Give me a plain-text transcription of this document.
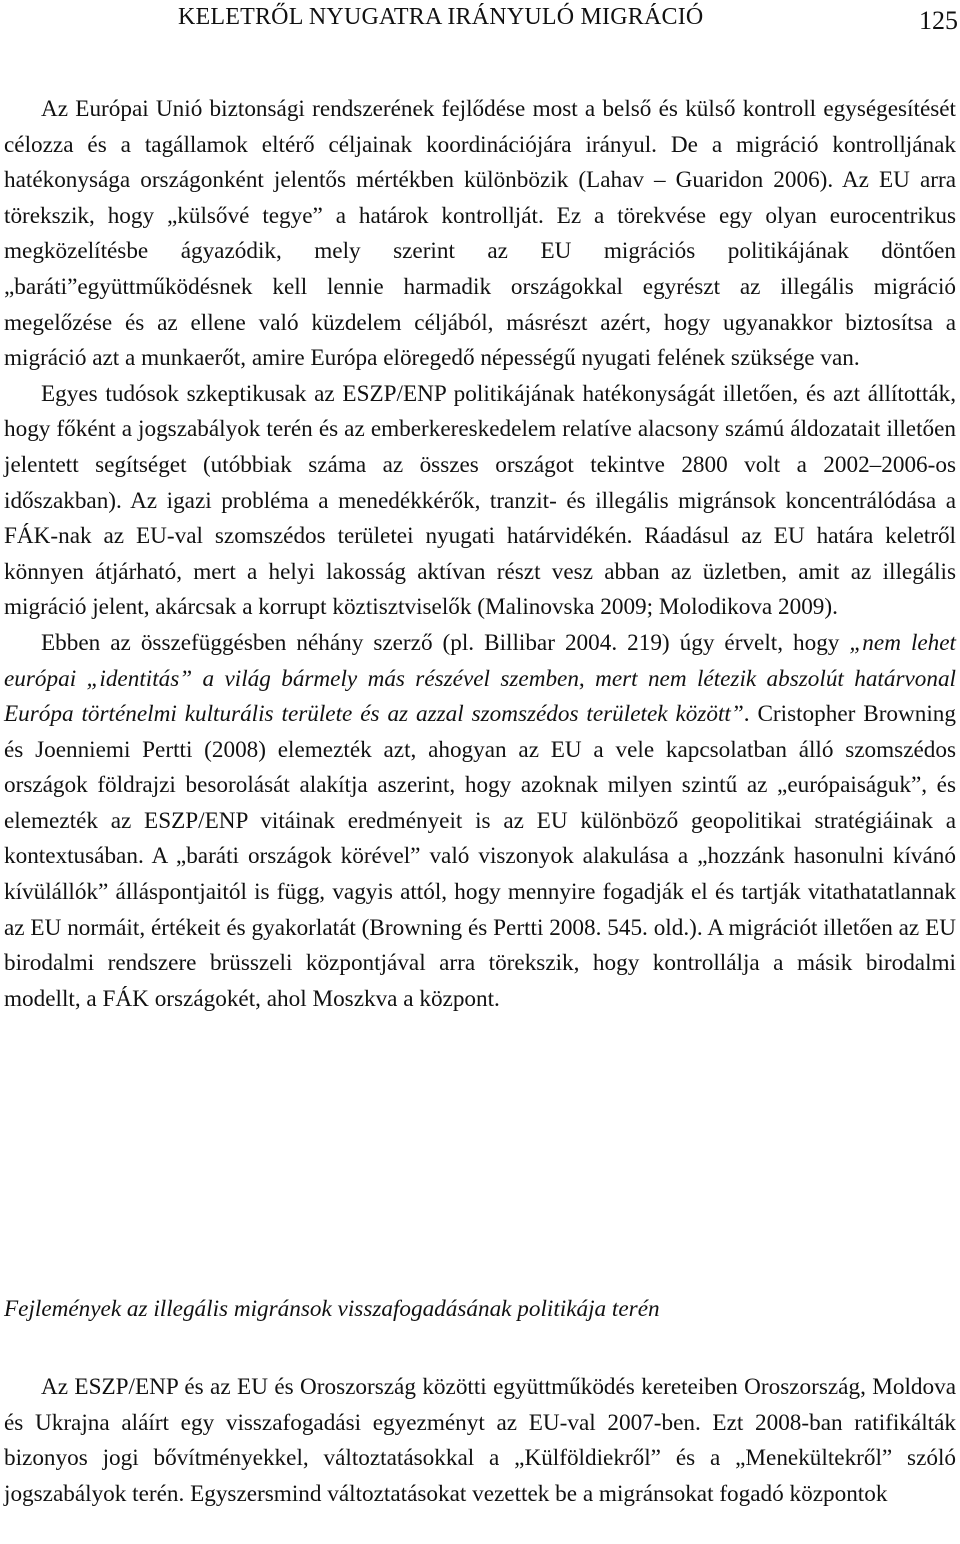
KELETRŐL NYUGATRA IRÁNYULÓ MIGRÁCIÓ	125

Az Európai Unió biztonsági rendszerének fejlődése most a belső és külső kontroll egységesítését célozza és a tagállamok eltérő céljainak koordinációjára irányul. De a migráció kontrolljának hatékonysága országonként jelentős mértékben különbözik (Lahav – Guaridon 2006). Az EU arra törekszik, hogy „külsővé tegye” a határok kontrollját. Ez a törekvése egy olyan eurocentrikus megközelítésbe ágyazódik, mely szerint az EU migrációs politikájának döntően „baráti”együttműködésnek kell lennie harmadik országokkal egyrészt az illegális migráció megelőzése és az ellene való küzdelem céljából, másrészt azért, hogy ugyanakkor biztosítsa a migráció azt a munkaerőt, amire Európa elöregedő népességű nyugati felének szüksége van.

Egyes tudósok szkeptikusak az ESZP/ENP politikájának hatékonyságát illetően, és azt állították, hogy főként a jogszabályok terén és az emberkereskedelem relatíve alacsony számú áldozatait illetően jelentett segítséget (utóbbiak száma az összes országot tekintve 2800 volt a 2002–2006-os időszakban). Az igazi probléma a menedékkérők, tranzit- és illegális migránsok koncentrálódása a FÁK-nak az EU-val szomszédos területei nyugati határvidékén. Ráadásul az EU határa keletről könnyen átjárható, mert a helyi lakosság aktívan részt vesz abban az üzletben, amit az illegális migráció jelent, akárcsak a korrupt köztisztviselők (Malinovska 2009; Molodikova 2009).

Ebben az összefüggésben néhány szerző (pl. Billibar 2004. 219) úgy érvelt, hogy „nem lehet európai „identitás” a világ bármely más részével szemben, mert nem létezik abszolút határvonal Európa történelmi kulturális területe és az azzal szomszédos területek között”. Cristopher Browning és Joenniemi Pertti (2008) elemezték azt, ahogyan az EU a vele kapcsolatban álló szomszédos országok földrajzi besorolását alakítja aszerint, hogy azoknak milyen szintű az „európaiságuk”, és elemezték az ESZP/ENP vitáinak eredményeit is az EU különböző geopolitikai stratégiáinak a kontextusában. A „baráti országok körével” való viszonyok alakulása a „hozzánk hasonulni kívánó kívülállók” álláspontjaitól is függ, vagyis attól, hogy mennyire fogadják el és tartják vitathatatlannak az EU normáit, értékeit és gyakorlatát (Browning és Pertti 2008. 545. old.). A migrációt illetően az EU birodalmi rendszere brüsszeli központjával arra törekszik, hogy kontrollálja a másik birodalmi modellt, a FÁK országokét, ahol Moszkva a központ.

Fejlemények az illegális migránsok visszafogadásának politikája terén

Az ESZP/ENP és az EU és Oroszország közötti együttműködés kereteiben Oroszország, Moldova és Ukrajna aláírt egy visszafogadási egyezményt az EU-val 2007-ben. Ezt 2008-ban ratifikálták bizonyos jogi bővítményekkel, változtatásokkal a „Külföldiekről” és a „Menekültekről” szóló jogszabályok terén. Egyszersmind változtatásokat vezettek be a migránsokat fogadó központok
